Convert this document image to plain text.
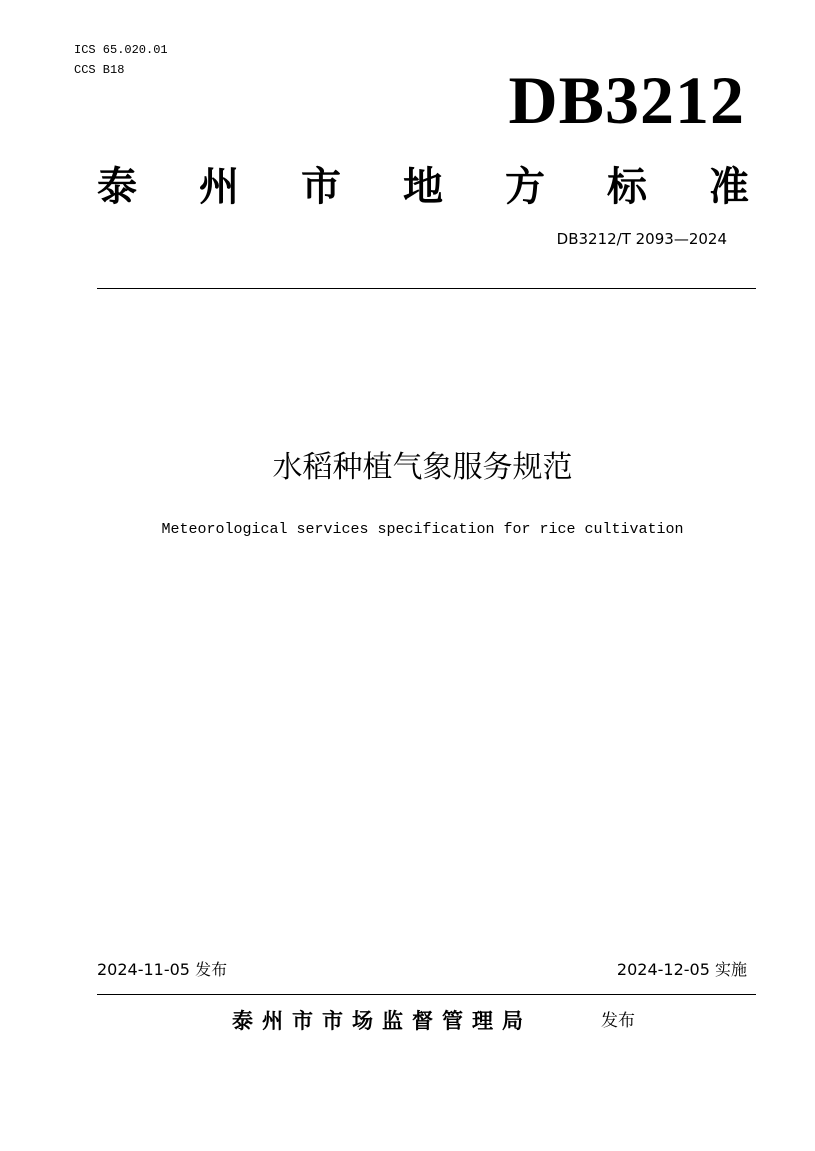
ICS 65.020.01
CCS B18	DB3212
泰 州 市 地 方 标 准
DB3212/T 2093—2024
水稻种植气象服务规范
Meteorological services specification for rice cultivation
2024-11-05 发布	2024-12-05 实施
泰州市市场监督管理局	发布
